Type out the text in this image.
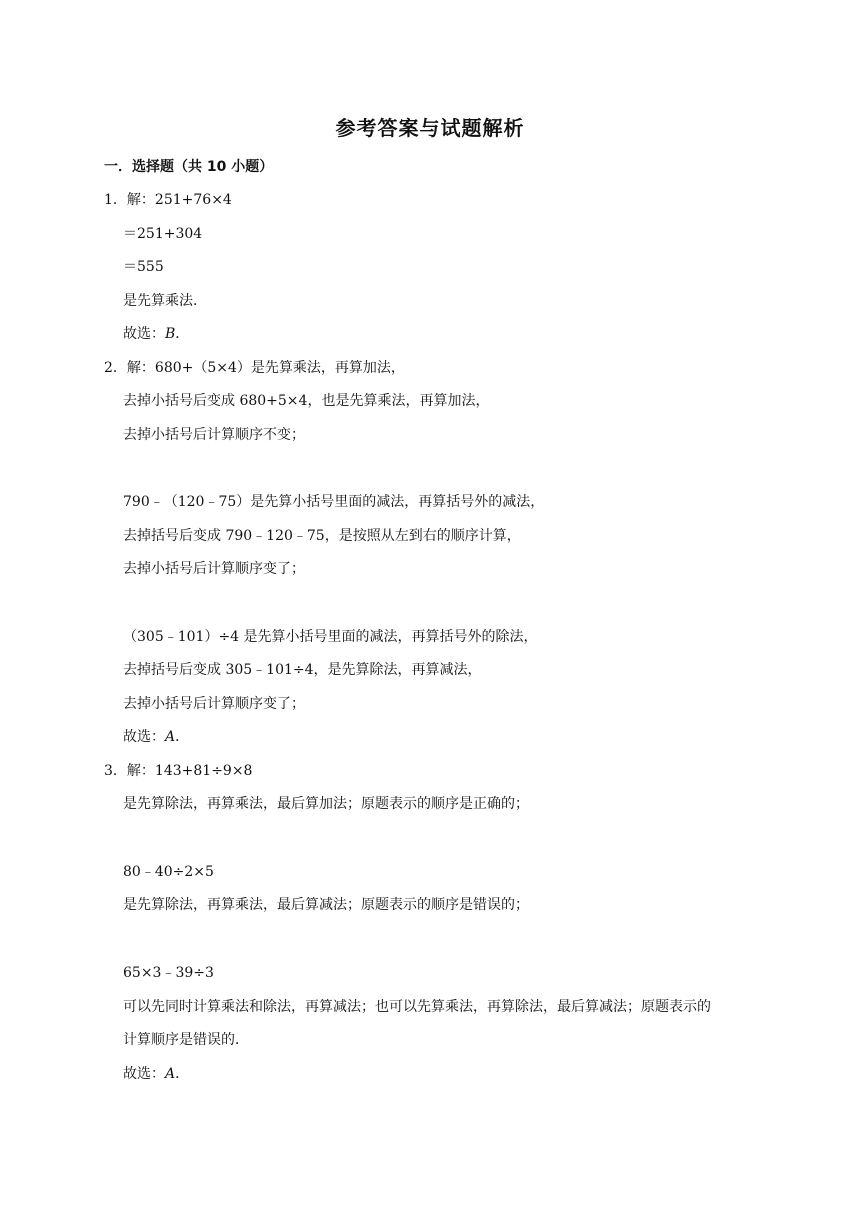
参考答案与试题解析
一．选择题（共 10 小题）
1．解：251+76×4
＝251+304
＝555
是先算乘法．
故选：B．
2．解：680+（5×4）是先算乘法，再算加法，
去掉小括号后变成 680+5×4，也是先算乘法，再算加法，
去掉小括号后计算顺序不变；
790﹣（120﹣75）是先算小括号里面的减法，再算括号外的减法，
去掉括号后变成 790﹣120﹣75，是按照从左到右的顺序计算，
去掉小括号后计算顺序变了；
（305﹣101）÷4 是先算小括号里面的减法，再算括号外的除法，
去掉括号后变成 305﹣101÷4，是先算除法，再算减法，
去掉小括号后计算顺序变了；
故选：A．
3．解：143+81÷9×8
是先算除法，再算乘法，最后算加法；原题表示的顺序是正确的；
80﹣40÷2×5
是先算除法，再算乘法，最后算减法；原题表示的顺序是错误的；
65×3﹣39÷3
可以先同时计算乘法和除法，再算减法；也可以先算乘法，再算除法，最后算减法；原题表示的
计算顺序是错误的．
故选：A．
